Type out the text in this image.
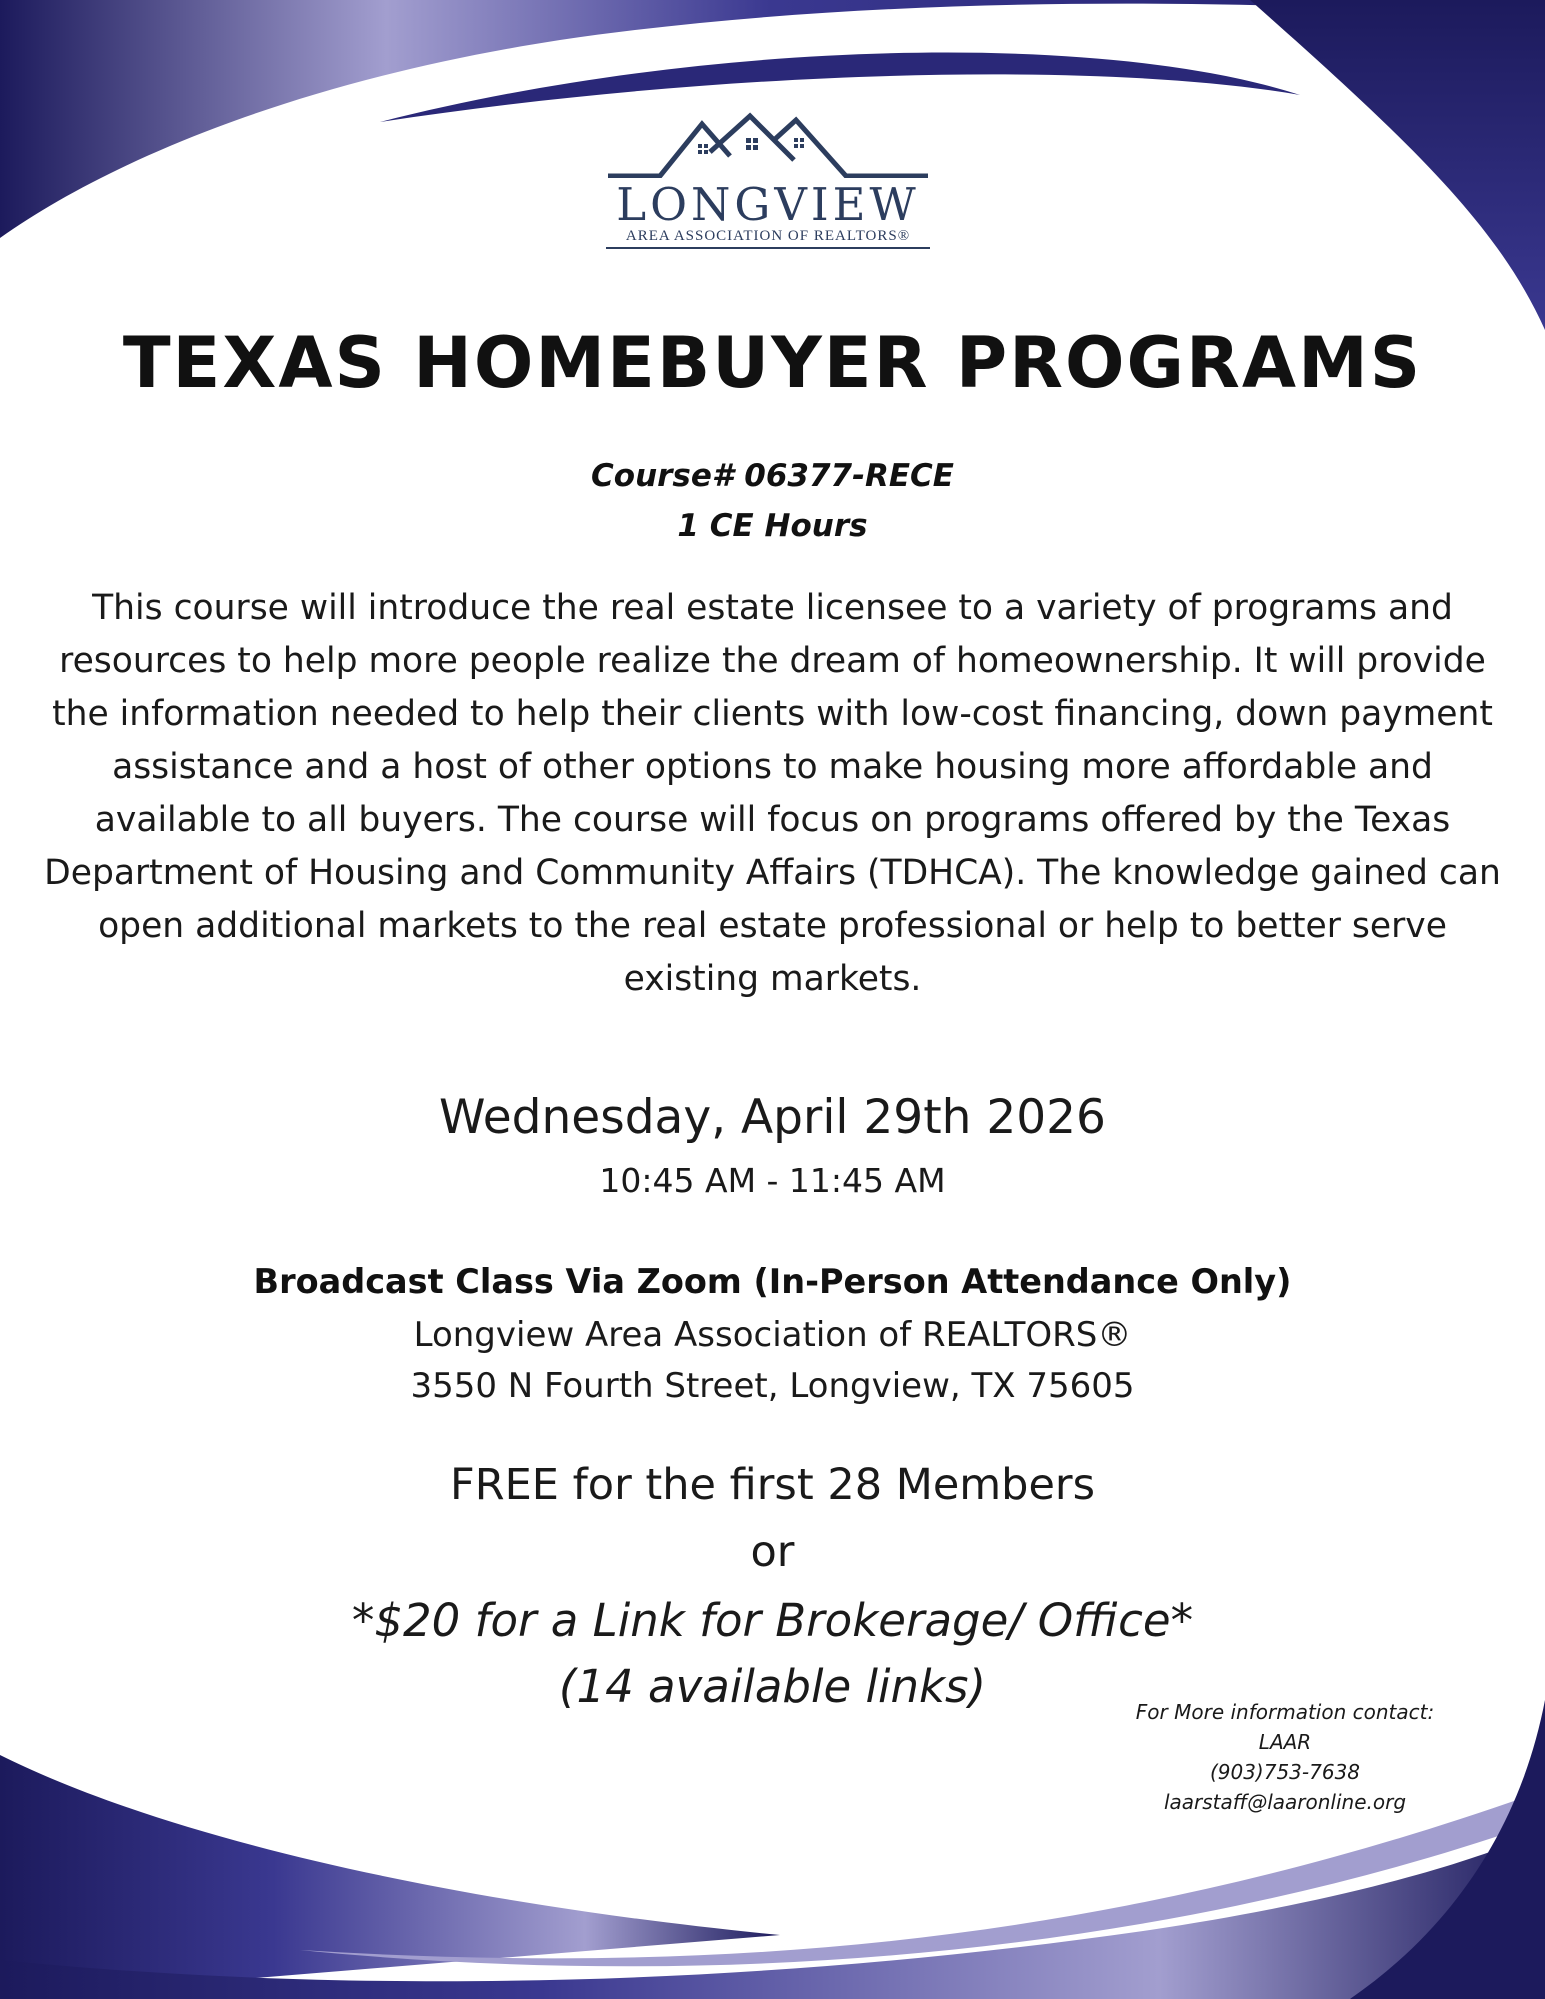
LONGVIEW
AREA ASSOCIATION OF REALTORS®
TEXAS HOMEBUYER PROGRAMS
Course# 06377-RECE
1 CE Hours
This course will introduce the real estate licensee to a variety of programs and resources to help more people realize the dream of homeownership. It will provide the information needed to help their clients with low-cost financing, down payment assistance and a host of other options to make housing more affordable and available to all buyers. The course will focus on programs offered by the Texas Department of Housing and Community Affairs (TDHCA). The knowledge gained can open additional markets to the real estate professional or help to better serve existing markets.
Wednesday, April 29th 2026
10:45 AM - 11:45 AM
Broadcast Class Via Zoom (In-Person Attendance Only)
Longview Area Association of REALTORS®
3550 N Fourth Street, Longview, TX 75605
FREE for the first 28 Members
or
*$20 for a Link for Brokerage/ Office*
(14 available links)	For More information contact:
LAAR
(903)753-7638
laarstaff@laaronline.org
